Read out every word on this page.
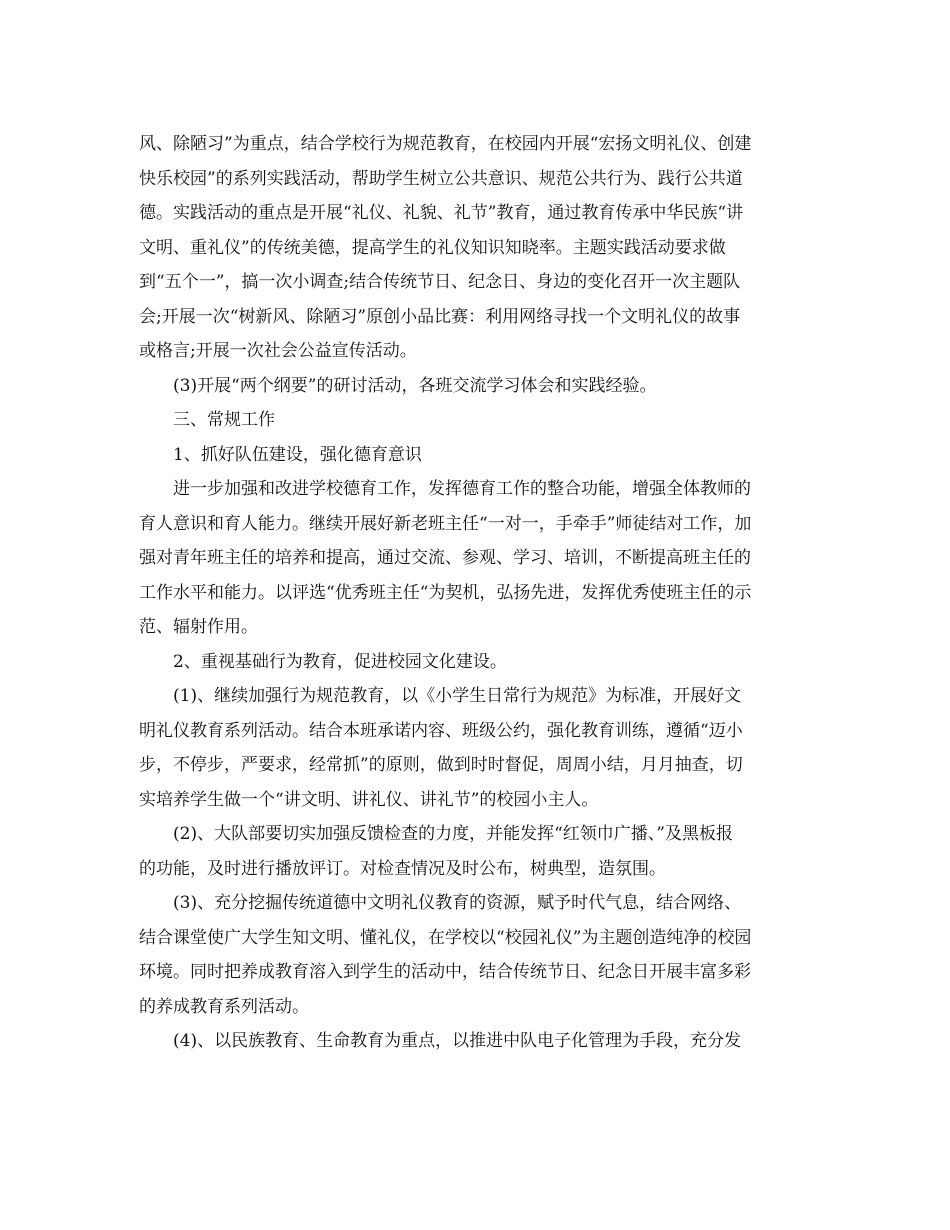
风、除陋习”为重点，结合学校行为规范教育，在校园内开展“宏扬文明礼仪、创建
快乐校园”的系列实践活动，帮助学生树立公共意识、规范公共行为、践行公共道
德。实践活动的重点是开展“礼仪、礼貌、礼节”教育，通过教育传承中华民族“讲
文明、重礼仪”的传统美德，提高学生的礼仪知识知晓率。主题实践活动要求做
到“五个一”，搞一次小调查;结合传统节日、纪念日、身边的变化召开一次主题队
会;开展一次“树新风、除陋习”原创小品比赛：利用网络寻找一个文明礼仪的故事
或格言;开展一次社会公益宣传活动。

(3)开展“两个纲要”的研讨活动，各班交流学习体会和实践经验。

三、常规工作

1、抓好队伍建设，强化德育意识

进一步加强和改进学校德育工作，发挥德育工作的整合功能，增强全体教师的
育人意识和育人能力。继续开展好新老班主任“一对一，手牵手”师徒结对工作，加
强对青年班主任的培养和提高，通过交流、参观、学习、培训，不断提高班主任的
工作水平和能力。以评选“优秀班主任“为契机，弘扬先进，发挥优秀使班主任的示
范、辐射作用。

2、重视基础行为教育，促进校园文化建设。

(1)、继续加强行为规范教育，以《小学生日常行为规范》为标准，开展好文
明礼仪教育系列活动。结合本班承诺内容、班级公约，强化教育训练，遵循“迈小
步，不停步，严要求，经常抓”的原则，做到时时督促，周周小结，月月抽查，切
实培养学生做一个“讲文明、讲礼仪、讲礼节”的校园小主人。

(2)、大队部要切实加强反馈检查的力度，并能发挥“红领巾广播、”及黑板报
的功能，及时进行播放评订。对检查情况及时公布，树典型，造氛围。

(3)、充分挖掘传统道德中文明礼仪教育的资源，赋予时代气息，结合网络、
结合课堂使广大学生知文明、懂礼仪，在学校以“校园礼仪”为主题创造纯净的校园
环境。同时把养成教育溶入到学生的活动中，结合传统节日、纪念日开展丰富多彩
的养成教育系列活动。

(4)、以民族教育、生命教育为重点，以推进中队电子化管理为手段，充分发
